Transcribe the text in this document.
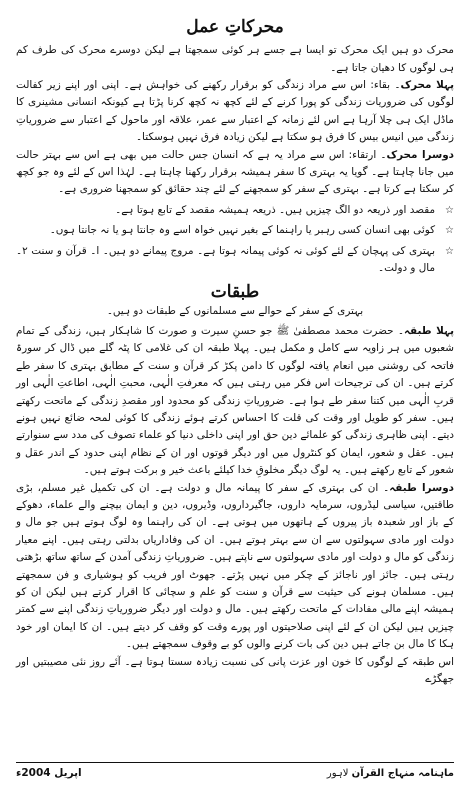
محرکاتِ عمل

محرک دو ہیں ایک محرک تو ایسا ہے جسے ہر کوئی سمجھتا ہے لیکن دوسرے محرک کی طرف کم ہی لوگوں کا دھیان جاتا ہے۔

پہلا محرک۔ بقاء: اس سے مراد زندگی کو برقرار رکھنے کی خواہش ہے۔ اپنی اور اپنے زیر کفالت لوگوں کی ضروریات زندگی کو پورا کرنے کے لئے کچھ نہ کچھ کرنا پڑتا ہے کیونکہ انسانی مشینری کا ماڈل ایک ہی چلا آرہا ہے اس لئے زمانہ کے اعتبار سے عمر، علاقہ اور ماحول کے اعتبار سے ضروریاتِ زندگی میں انیس بیس کا فرق ہو سکتا ہے لیکن زیادہ فرق نہیں ہوسکتا۔

دوسرا محرک۔ ارتقاء: اس سے مراد یہ ہے کہ انسان جس حالت میں بھی ہے اس سے بہتر حالت میں جانا چاہتا ہے۔ گویا یہ بہتری کا سفر ہمیشہ برقرار رکھنا چاہتا ہے۔ لہٰذا اس کے لئے وہ جو کچھ کر سکتا ہے کرتا ہے۔ بہتری کے سفر کو سمجھنے کے لئے چند حقائق کو سمجھنا ضروری ہے۔

☆
مقصد اور ذریعہ دو الگ چیزیں ہیں۔ ذریعہ ہمیشہ مقصد کے تابع ہوتا ہے۔
☆
کوئی بھی انسان کسی رہبر یا راہنما کے بغیر نہیں خواہ اسے وہ جانتا ہو یا نہ جانتا ہوں۔
☆
بہتری کی پہچان کے لئے کوئی نہ کوئی پیمانہ ہوتا ہے۔ مروج پیمانے دو ہیں۔ ا۔ قرآن و سنت ۲۔ مال و دولت۔
طبقات

بہتری کے سفر کے حوالے سے مسلمانوں کے طبقات دو ہیں۔

پہلا طبقہ۔ حضرت محمد مصطفیٰ ﷺ جو حسنِ سیرت و صورت کا شاہکار ہیں، زندگی کے تمام شعبوں میں ہر زاویہ سے کامل و مکمل ہیں۔ پہلا طبقہ ان کی غلامی کا پٹہ گلے میں ڈال کر سورۃ فاتحہ کی روشنی میں انعام یافتہ لوگوں کا دامن پکڑ کر قرآن و سنت کے مطابق بہتری کا سفر طے کرتے ہیں۔ ان کی ترجیحات اس فکر میں رہتی ہیں کہ معرفتِ الٰہی، محبتِ الٰہی، اطاعتِ الٰہی اور قربِ الٰہی میں کتنا سفر طے ہوا ہے۔ ضروریاتِ زندگی کو محدود اور مقصدِ زندگی کے ماتحت رکھتے ہیں۔ سفر کو طویل اور وقت کی قلت کا احساس کرتے ہوئے زندگی کا کوئی لمحہ ضائع نہیں ہونے دیتے۔ اپنی ظاہری زندگی کو علمائے دین حق اور اپنی داخلی دنیا کو علماء تصوف کی مدد سے سنوارتے ہیں۔ عقل و شعور، ایمان کو کنٹرول میں اور دیگر قوتوں اور ان کے نظام اپنی حدود کے اندر عقل و شعور کے تابع رکھتے ہیں۔ یہ لوگ دیگر مخلوقِ خدا کیلئے باعث خیر و برکت ہوتے ہیں۔

دوسرا طبقہ۔ ان کی بہتری کے سفر کا پیمانہ مال و دولت ہے۔ ان کی تکمیل غیر مسلم، بڑی طاقتیں، سیاسی لیڈروں، سرمایہ داروں، جاگیرداروں، وڈیروں، دین و ایمان بیچنے والے علماء، دھوکے کے باز اور شعبدہ باز پیروں کے ہاتھوں میں ہوتی ہے۔ ان کی راہنما وہ لوگ ہوتے ہیں جو مال و دولت اور مادی سہولتوں سے ان سے بہتر ہوتے ہیں۔ ان کی وفاداریاں بدلتی رہتی ہیں۔ اپنے معیار زندگی کو مال و دولت اور مادی سہولتوں سے ناپتے ہیں۔ ضروریاتِ زندگی آمدن کے ساتھ ساتھ بڑھتی رہتی ہیں۔ جائز اور ناجائز کے چکر میں نہیں پڑتے۔ جھوٹ اور فریب کو ہوشیاری و فن سمجھتے ہیں۔ مسلمان ہونے کی حیثیت سے قرآن و سنت کو علم و سچائی کا اقرار کرتے ہیں لیکن ان کو ہمیشہ اپنے مالی مفادات کے ماتحت رکھتے ہیں۔ مال و دولت اور دیگر ضروریاتِ زندگی اپنے سے کمتر چیزیں ہیں لیکن ان کے لئے اپنی صلاحیتوں اور پورے وقت کو وقف کر دیتے ہیں۔ ان کا ایمان اور خود ہکا کا مال بن جاتے ہیں دین کی بات کرنے والوں کو بے وقوف سمجھتے ہیں۔

اس طبقہ کے لوگوں کا خون اور عزت پانی کی نسبت زیادہ سستا ہوتا ہے۔ آئے روز نئی مصیبتیں اور جھگڑے

ماہنامہ منہاج القرآن لاہور
اپریل 2004ء
